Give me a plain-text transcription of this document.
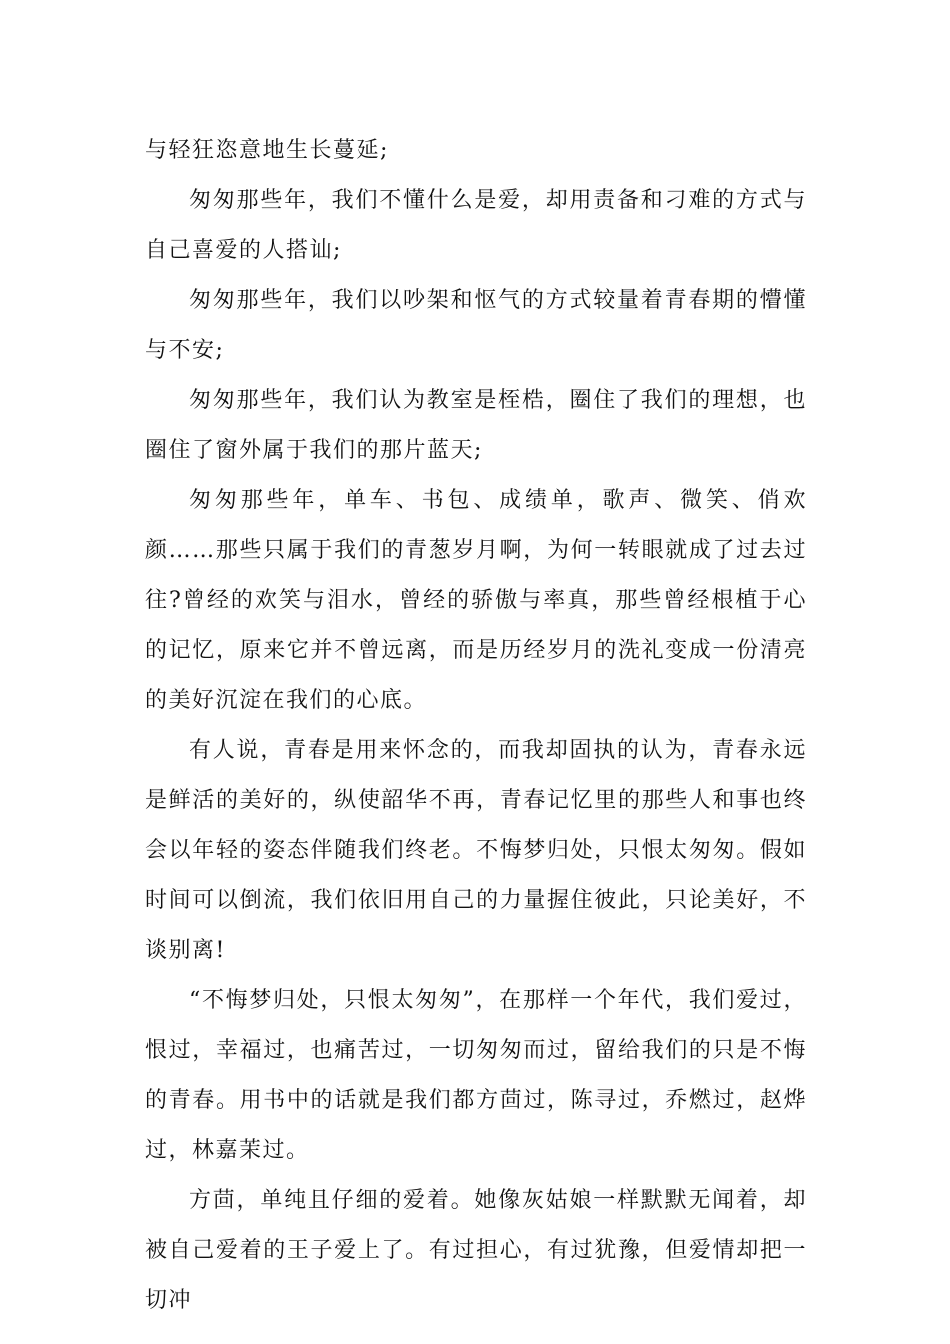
与轻狂恣意地生长蔓延;

匆匆那些年，我们不懂什么是爱，却用责备和刁难的方式与自己喜爱的人搭讪;

匆匆那些年，我们以吵架和怄气的方式较量着青春期的懵懂与不安;

匆匆那些年，我们认为教室是桎梏，圈住了我们的理想，也圈住了窗外属于我们的那片蓝天;

匆匆那些年，单车、书包、成绩单，歌声、微笑、俏欢颜……那些只属于我们的青葱岁月啊，为何一转眼就成了过去过往?曾经的欢笑与泪水，曾经的骄傲与率真，那些曾经根植于心的记忆，原来它并不曾远离，而是历经岁月的洗礼变成一份清亮的美好沉淀在我们的心底。

有人说，青春是用来怀念的，而我却固执的认为，青春永远是鲜活的美好的，纵使韶华不再，青春记忆里的那些人和事也终会以年轻的姿态伴随我们终老。不悔梦归处，只恨太匆匆。假如时间可以倒流，我们依旧用自己的力量握住彼此，只论美好，不谈别离!

“不悔梦归处，只恨太匆匆”，在那样一个年代，我们爱过，恨过，幸福过，也痛苦过，一切匆匆而过，留给我们的只是不悔的青春。用书中的话就是我们都方茴过，陈寻过，乔燃过，赵烨过，林嘉茉过。

方茴，单纯且仔细的爱着。她像灰姑娘一样默默无闻着，却被自己爱着的王子爱上了。有过担心，有过犹豫，但爱情却把一切冲
